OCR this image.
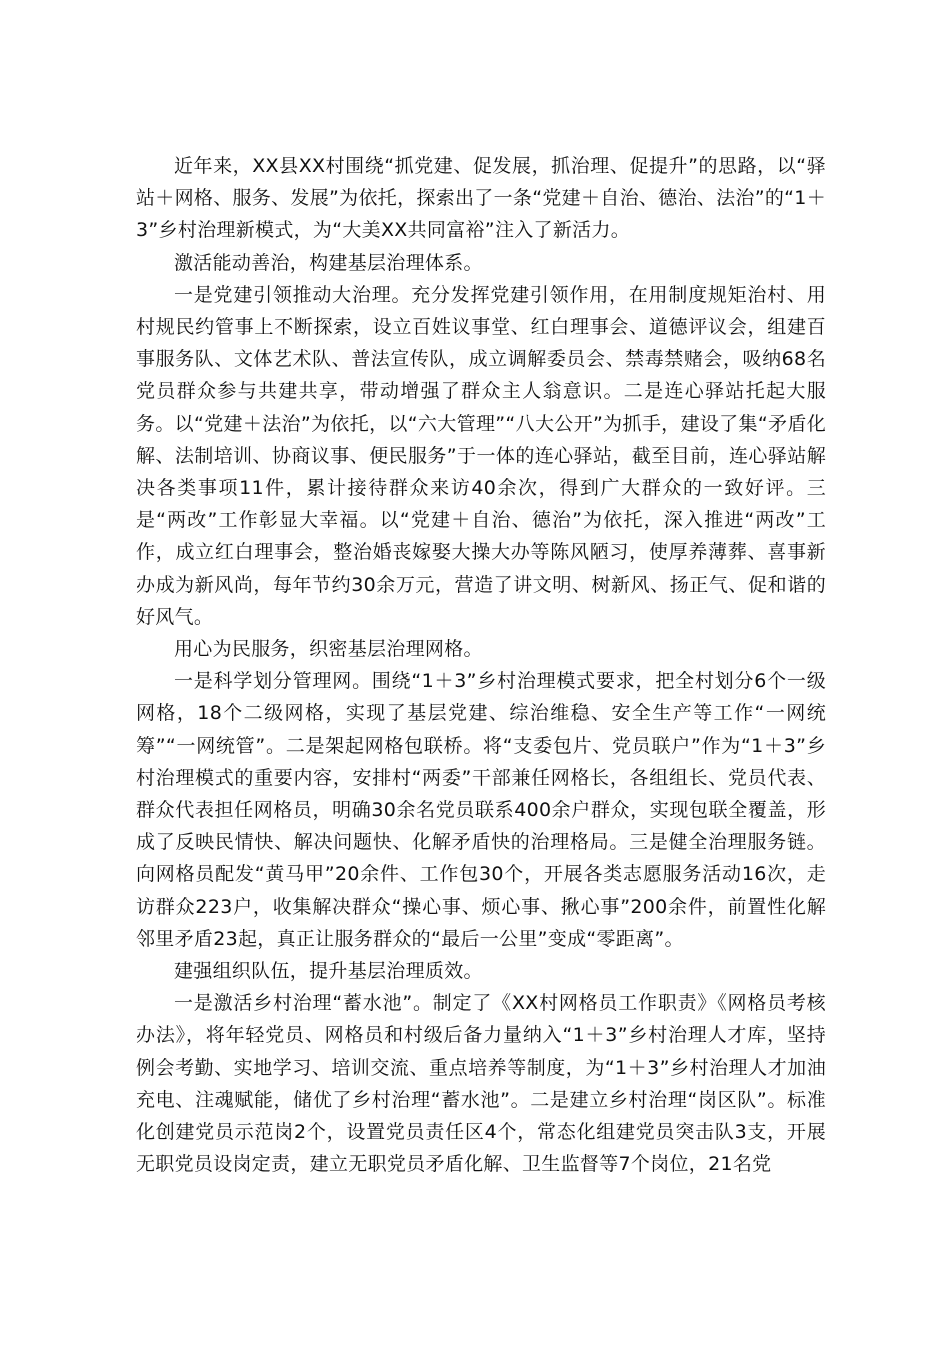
近年来，XX县XX村围绕“抓党建、促发展，抓治理、促提升”的思路，以“驿站＋网格、服务、发展”为依托，探索出了一条“党建＋自治、德治、法治”的“1＋3”乡村治理新模式，为“大美XX共同富裕”注入了新活力。

激活能动善治，构建基层治理体系。

一是党建引领推动大治理。充分发挥党建引领作用，在用制度规矩治村、用村规民约管事上不断探索，设立百姓议事堂、红白理事会、道德评议会，组建百事服务队、文体艺术队、普法宣传队，成立调解委员会、禁毒禁赌会，吸纳68名党员群众参与共建共享，带动增强了群众主人翁意识。二是连心驿站托起大服务。以“党建＋法治”为依托，以“六大管理”“八大公开”为抓手，建设了集“矛盾化解、法制培训、协商议事、便民服务”于一体的连心驿站，截至目前，连心驿站解决各类事项11件，累计接待群众来访40余次，得到广大群众的一致好评。三是“两改”工作彰显大幸福。以“党建＋自治、德治”为依托，深入推进“两改”工作，成立红白理事会，整治婚丧嫁娶大操大办等陈风陋习，使厚养薄葬、喜事新办成为新风尚，每年节约30余万元，营造了讲文明、树新风、扬正气、促和谐的好风气。

用心为民服务，织密基层治理网格。

一是科学划分管理网。围绕“1＋3”乡村治理模式要求，把全村划分6个一级网格，18个二级网格，实现了基层党建、综治维稳、安全生产等工作“一网统筹”“一网统管”。二是架起网格包联桥。将“支委包片、党员联户”作为“1＋3”乡村治理模式的重要内容，安排村“两委”干部兼任网格长，各组组长、党员代表、群众代表担任网格员，明确30余名党员联系400余户群众，实现包联全覆盖，形成了反映民情快、解决问题快、化解矛盾快的治理格局。三是健全治理服务链。向网格员配发“黄马甲”20余件、工作包30个，开展各类志愿服务活动16次，走访群众223户，收集解决群众“操心事、烦心事、揪心事”200余件，前置性化解邻里矛盾23起，真正让服务群众的“最后一公里”变成“零距离”。

建强组织队伍，提升基层治理质效。

一是激活乡村治理“蓄水池”。制定了《XX村网格员工作职责》《网格员考核办法》，将年轻党员、网格员和村级后备力量纳入“1＋3”乡村治理人才库，坚持例会考勤、实地学习、培训交流、重点培养等制度，为“1＋3”乡村治理人才加油充电、注魂赋能，储优了乡村治理“蓄水池”。二是建立乡村治理“岗区队”。标准化创建党员示范岗2个，设置党员责任区4个，常态化组建党员突击队3支，开展无职党员设岗定责，建立无职党员矛盾化解、卫生监督等7个岗位，21名党
